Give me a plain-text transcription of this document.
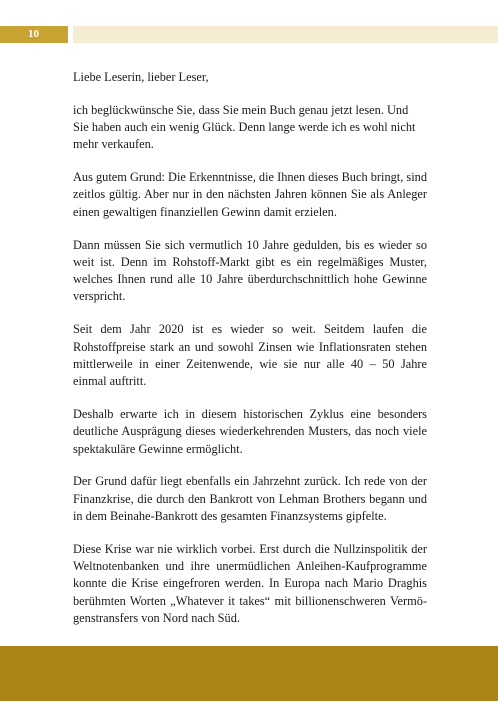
10

Liebe Leserin, lieber Leser,

ich beglückwünsche Sie, dass Sie mein Buch genau jetzt lesen. Und Sie haben auch ein wenig Glück. Denn lange werde ich es wohl nicht mehr verkaufen.

Aus gutem Grund: Die Erkenntnisse, die Ihnen dieses Buch bringt, sind zeitlos gültig. Aber nur in den nächsten Jahren können Sie als Anleger einen gewaltigen finanziellen Gewinn damit erzielen.

Dann müssen Sie sich vermutlich 10 Jahre gedulden, bis es wieder so weit ist. Denn im Rohstoff-Markt gibt es ein regelmäßiges Muster, welches Ihnen rund alle 10 Jahre überdurchschnittlich hohe Gewinne verspricht.

Seit dem Jahr 2020 ist es wieder so weit. Seitdem laufen die Rohstoffpreise stark an und sowohl Zinsen wie Inflationsraten stehen mittlerweile in einer Zeitenwende, wie sie nur alle 40 – 50 Jahre einmal auftritt.

Deshalb erwarte ich in diesem historischen Zyklus eine besonders deutliche Ausprägung dieses wiederkehrenden Musters, das noch viele spektakuläre Gewinne ermöglicht.

Der Grund dafür liegt ebenfalls ein Jahrzehnt zurück. Ich rede von der Finanzkrise, die durch den Bankrott von Lehman Brothers begann und in dem Beinahe-Bankrott des gesamten Finanzsystems gipfelte.

Diese Krise war nie wirklich vorbei. Erst durch die Nullzinspolitik der Weltnotenbanken und ihre unermüdlichen Anleihen-Kaufprogramme konnte die Krise eingefroren werden. In Europa nach Mario Draghis berühmten Worten „Whatever it takes“ mit billionenschweren Vermögenstransfers von Nord nach Süd.
